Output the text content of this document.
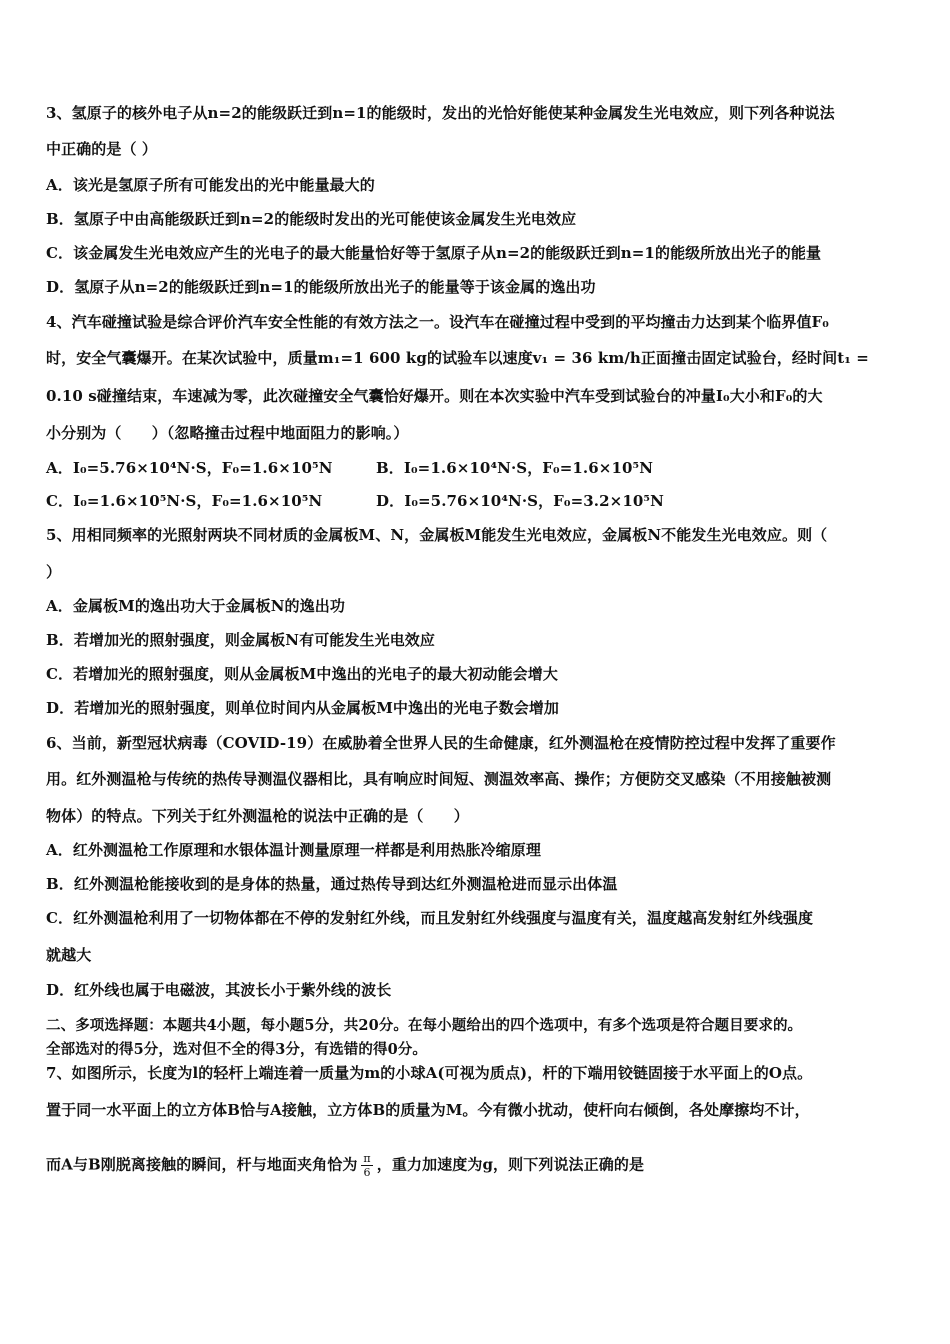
3、氢原子的核外电子从n=2的能级跃迁到n=1的能级时，发出的光恰好能使某种金属发生光电效应，则下列各种说法
中正确的是（ ）
A．该光是氢原子所有可能发出的光中能量最大的
B．氢原子中由高能级跃迁到n=2的能级时发出的光可能使该金属发生光电效应
C．该金属发生光电效应产生的光电子的最大能量恰好等于氢原子从n=2的能级跃迁到n=1的能级所放出光子的能量
D．氢原子从n=2的能级跃迁到n=1的能级所放出光子的能量等于该金属的逸出功
4、汽车碰撞试验是综合评价汽车安全性能的有效方法之一。设汽车在碰撞过程中受到的平均撞击力达到某个临界值F₀
时，安全气囊爆开。在某次试验中，质量m₁=1 600 kg的试验车以速度v₁ = 36 km/h正面撞击固定试验台，经时间t₁ =
0.10 s碰撞结束，车速减为零，此次碰撞安全气囊恰好爆开。则在本次实验中汽车受到试验台的冲量I₀大小和F₀的大
小分别为（　　）（忽略撞击过程中地面阻力的影响。）
A．I₀=5.76×10⁴N·S，F₀=1.6×10⁵N	B．I₀=1.6×10⁴N·S，F₀=1.6×10⁵N
C．I₀=1.6×10⁵N·S，F₀=1.6×10⁵N	D．I₀=5.76×10⁴N·S，F₀=3.2×10⁵N
5、用相同频率的光照射两块不同材质的金属板M、N，金属板M能发生光电效应，金属板N不能发生光电效应。则（
）
A．金属板M的逸出功大于金属板N的逸出功
B．若增加光的照射强度，则金属板N有可能发生光电效应
C．若增加光的照射强度，则从金属板M中逸出的光电子的最大初动能会增大
D．若增加光的照射强度，则单位时间内从金属板M中逸出的光电子数会增加
6、当前，新型冠状病毒（COVID-19）在威胁着全世界人民的生命健康，红外测温枪在疫情防控过程中发挥了重要作
用。红外测温枪与传统的热传导测温仪器相比，具有响应时间短、测温效率高、操作；方便防交叉感染（不用接触被测
物体）的特点。下列关于红外测温枪的说法中正确的是（　　）
A．红外测温枪工作原理和水银体温计测量原理一样都是利用热胀冷缩原理
B．红外测温枪能接收到的是身体的热量，通过热传导到达红外测温枪进而显示出体温
C．红外测温枪利用了一切物体都在不停的发射红外线，而且发射红外线强度与温度有关，温度越高发射红外线强度
就越大
D．红外线也属于电磁波，其波长小于紫外线的波长
二、多项选择题：本题共4小题，每小题5分，共20分。在每小题给出的四个选项中，有多个选项是符合题目要求的。
全部选对的得5分，选对但不全的得3分，有选错的得0分。
7、如图所示，长度为l的轻杆上端连着一质量为m的小球A(可视为质点)，杆的下端用铰链固接于水平面上的O点。
置于同一水平面上的立方体B恰与A接触，立方体B的质量为M。今有微小扰动，使杆向右倾倒，各处摩擦均不计，
而A与B刚脱离接触的瞬间，杆与地面夹角恰为 $\frac{\pi}{6}$ ，重力加速度为g，则下列说法正确的是
